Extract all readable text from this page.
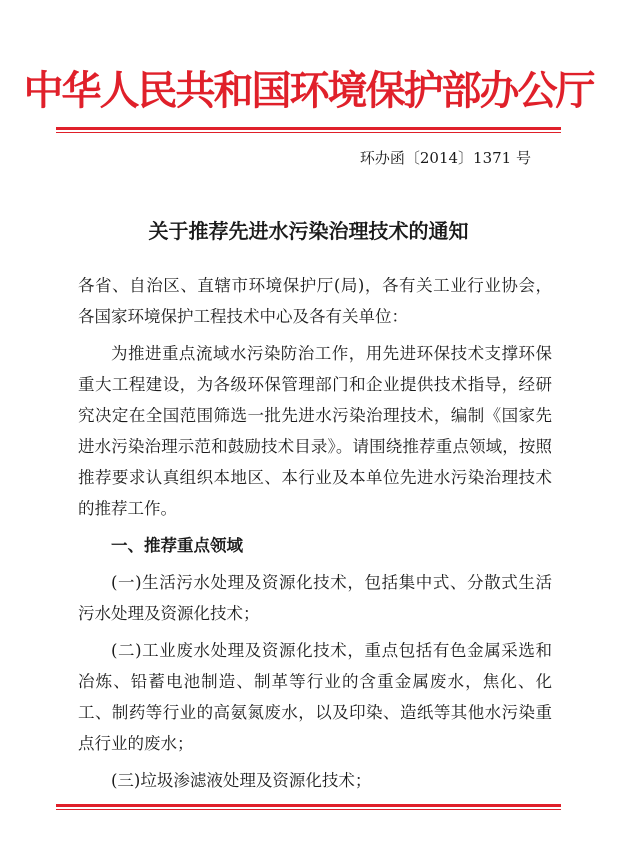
中华人民共和国环境保护部办公厅
环办函〔2014〕1371 号
关于推荐先进水污染治理技术的通知

各省、自治区、直辖市环境保护厅(局)，各有关工业行业协会，各国家环境保护工程技术中心及各有关单位：

为推进重点流域水污染防治工作，用先进环保技术支撑环保重大工程建设，为各级环保管理部门和企业提供技术指导，经研究决定在全国范围筛选一批先进水污染治理技术，编制《国家先进水污染治理示范和鼓励技术目录》。请围绕推荐重点领域，按照推荐要求认真组织本地区、本行业及本单位先进水污染治理技术的推荐工作。

一、推荐重点领域

(一)生活污水处理及资源化技术，包括集中式、分散式生活污水处理及资源化技术；

(二)工业废水处理及资源化技术，重点包括有色金属采选和冶炼、铅蓄电池制造、制革等行业的含重金属废水，焦化、化工、制药等行业的高氨氮废水，以及印染、造纸等其他水污染重点行业的废水；

(三)垃圾渗滤液处理及资源化技术；
